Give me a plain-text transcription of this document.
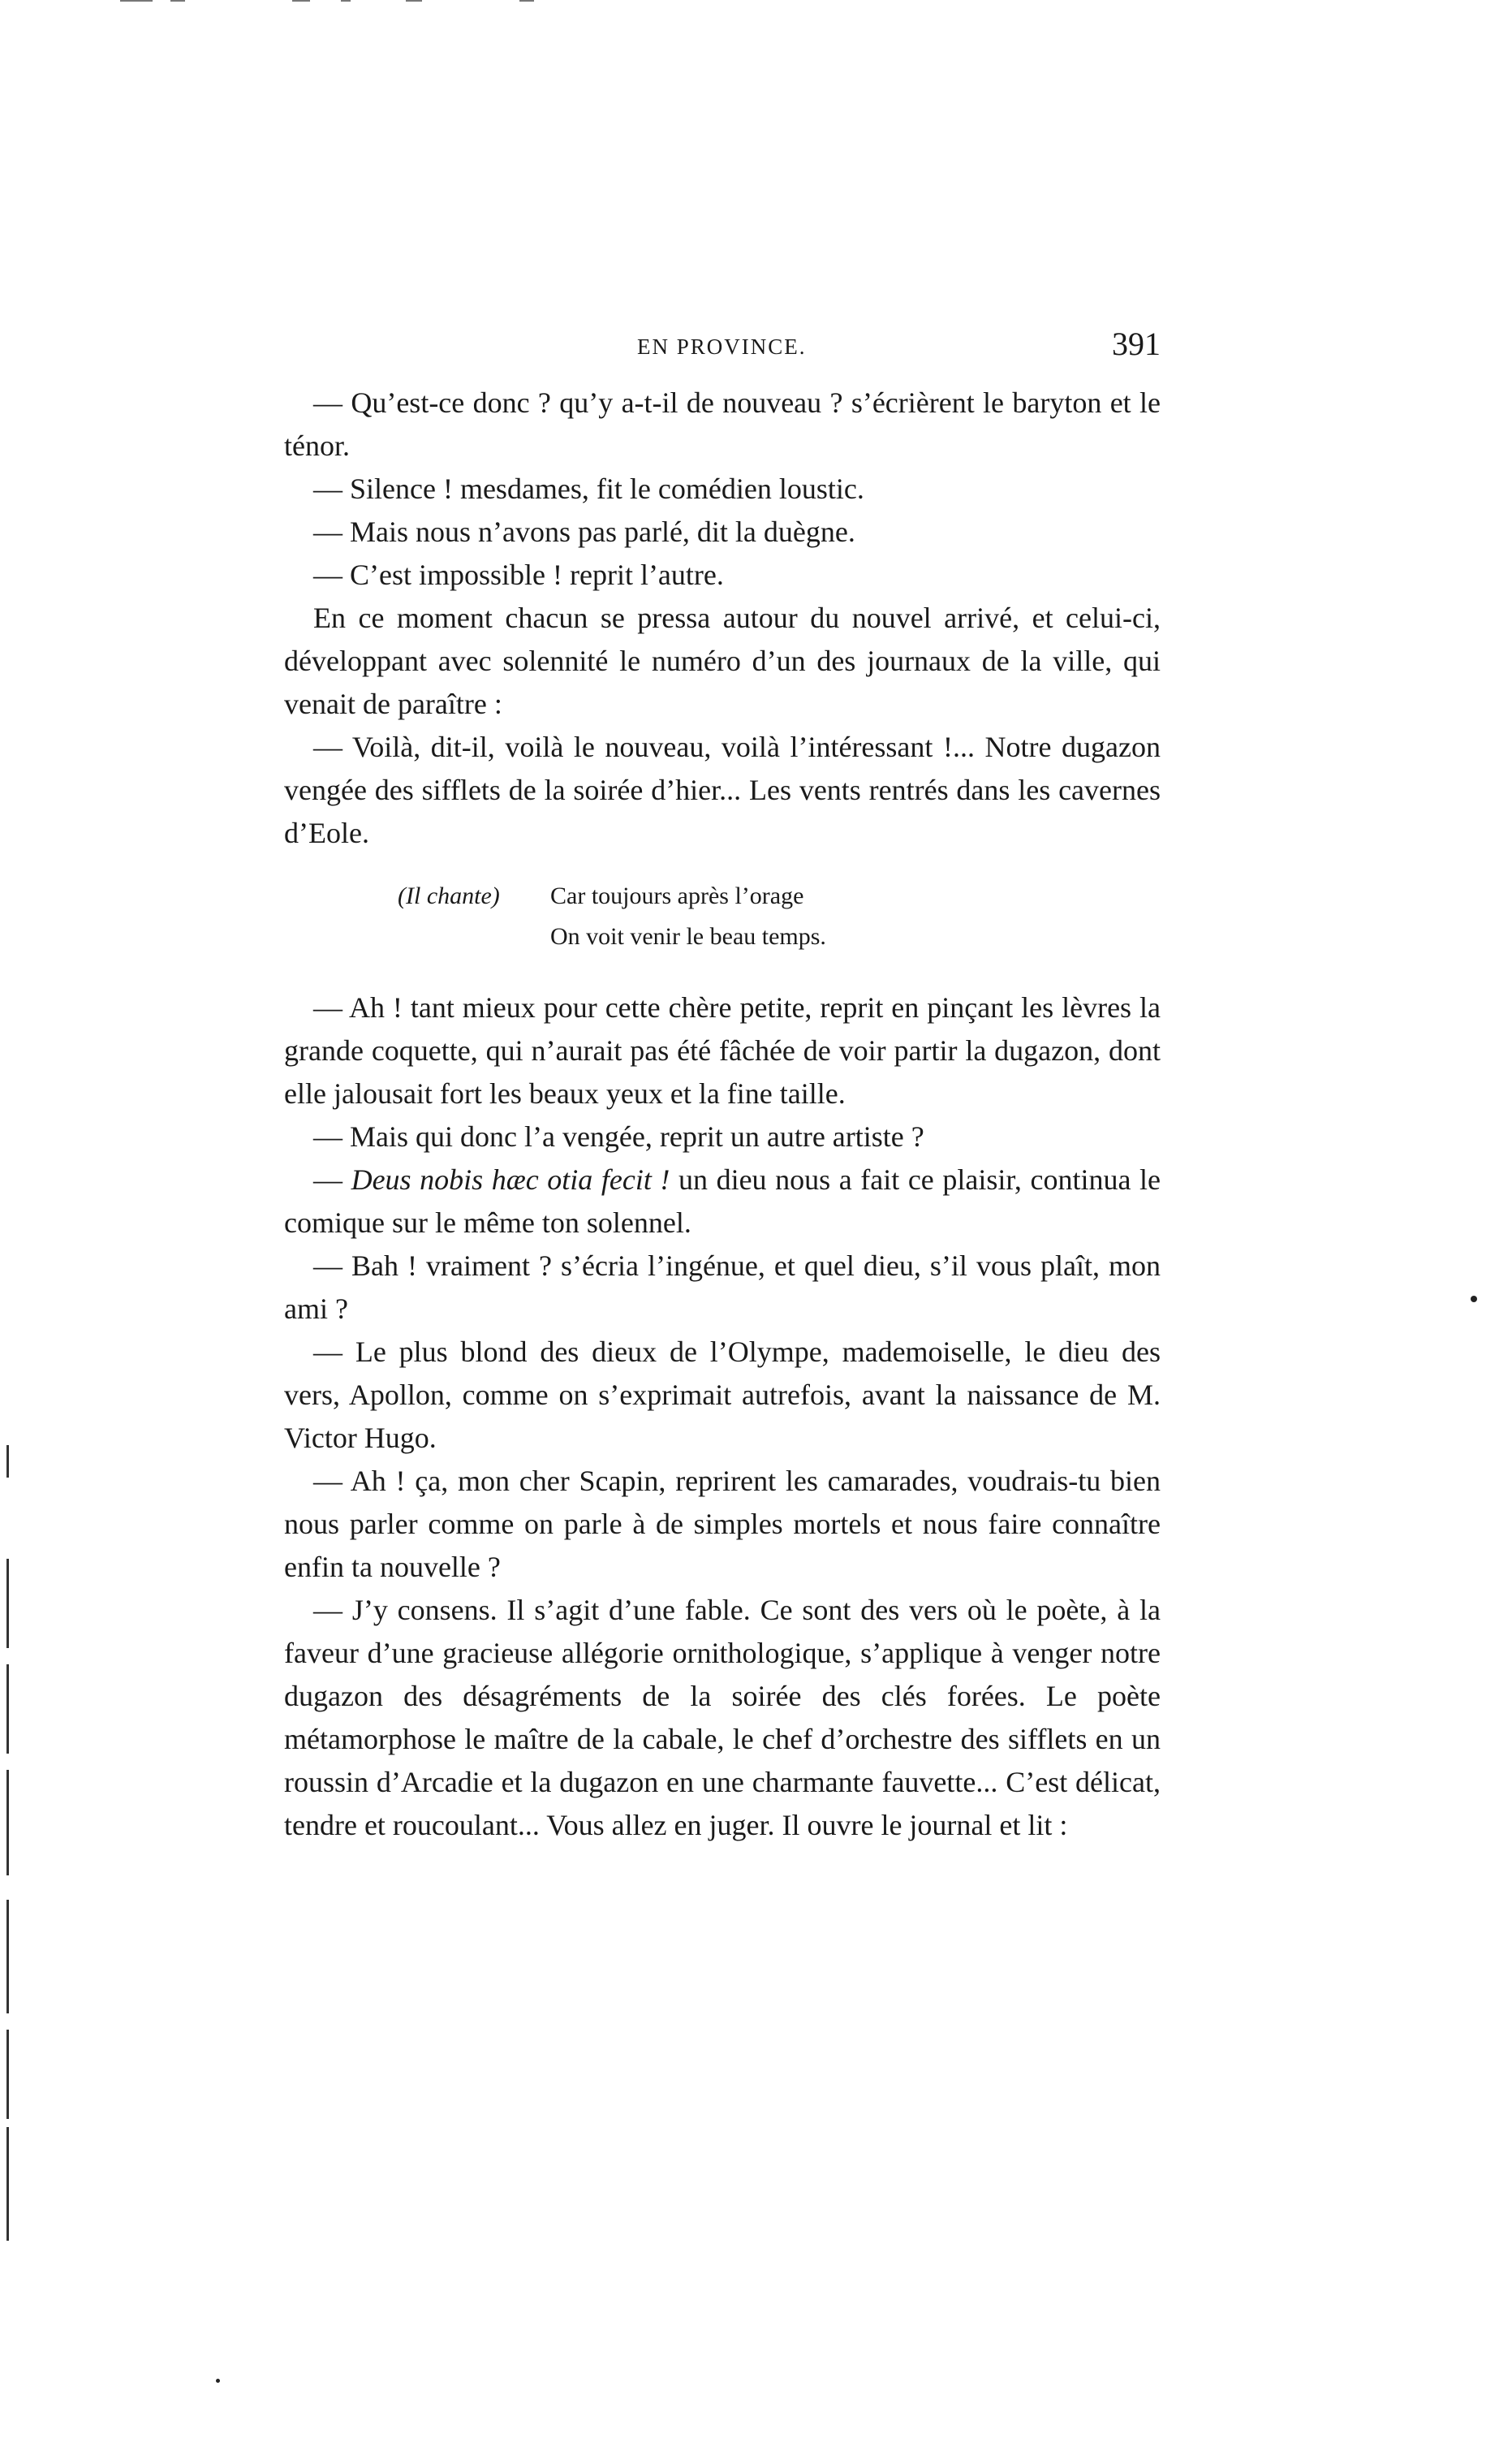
EN PROVINCE.	391

— Qu’est-ce donc ? qu’y a-t-il de nouveau ? s’écrièrent le baryton et le ténor.

— Silence ! mesdames, fit le comédien loustic.

— Mais nous n’avons pas parlé, dit la duègne.

— C’est impossible ! reprit l’autre.

En ce moment chacun se pressa autour du nouvel arrivé, et celui-ci, développant avec solennité le numéro d’un des journaux de la ville, qui venait de paraître :

— Voilà, dit-il, voilà le nouveau, voilà l’intéressant !... Notre dugazon vengée des sifflets de la soirée d’hier... Les vents rentrés dans les cavernes d’Eole.

(Il chante) Car toujours après l’orage
On voit venir le beau temps.

— Ah ! tant mieux pour cette chère petite, reprit en pinçant les lèvres la grande coquette, qui n’aurait pas été fâchée de voir partir la dugazon, dont elle jalousait fort les beaux yeux et la fine taille.

— Mais qui donc l’a vengée, reprit un autre artiste ?

— Deus nobis hæc otia fecit ! un dieu nous a fait ce plaisir, continua le comique sur le même ton solennel.

— Bah ! vraiment ? s’écria l’ingénue, et quel dieu, s’il vous plaît, mon ami ?

— Le plus blond des dieux de l’Olympe, mademoiselle, le dieu des vers, Apollon, comme on s’exprimait autrefois, avant la naissance de M. Victor Hugo.

— Ah ! ça, mon cher Scapin, reprirent les camarades, voudrais-tu bien nous parler comme on parle à de simples mortels et nous faire connaître enfin ta nouvelle ?

— J’y consens. Il s’agit d’une fable. Ce sont des vers où le poète, à la faveur d’une gracieuse allégorie ornithologique, s’applique à venger notre dugazon des désagréments de la soirée des clés forées. Le poète métamorphose le maître de la cabale, le chef d’orchestre des sifflets en un roussin d’Arcadie et la dugazon en une charmante fauvette... C’est délicat, tendre et roucoulant... Vous allez en juger. Il ouvre le journal et lit :
